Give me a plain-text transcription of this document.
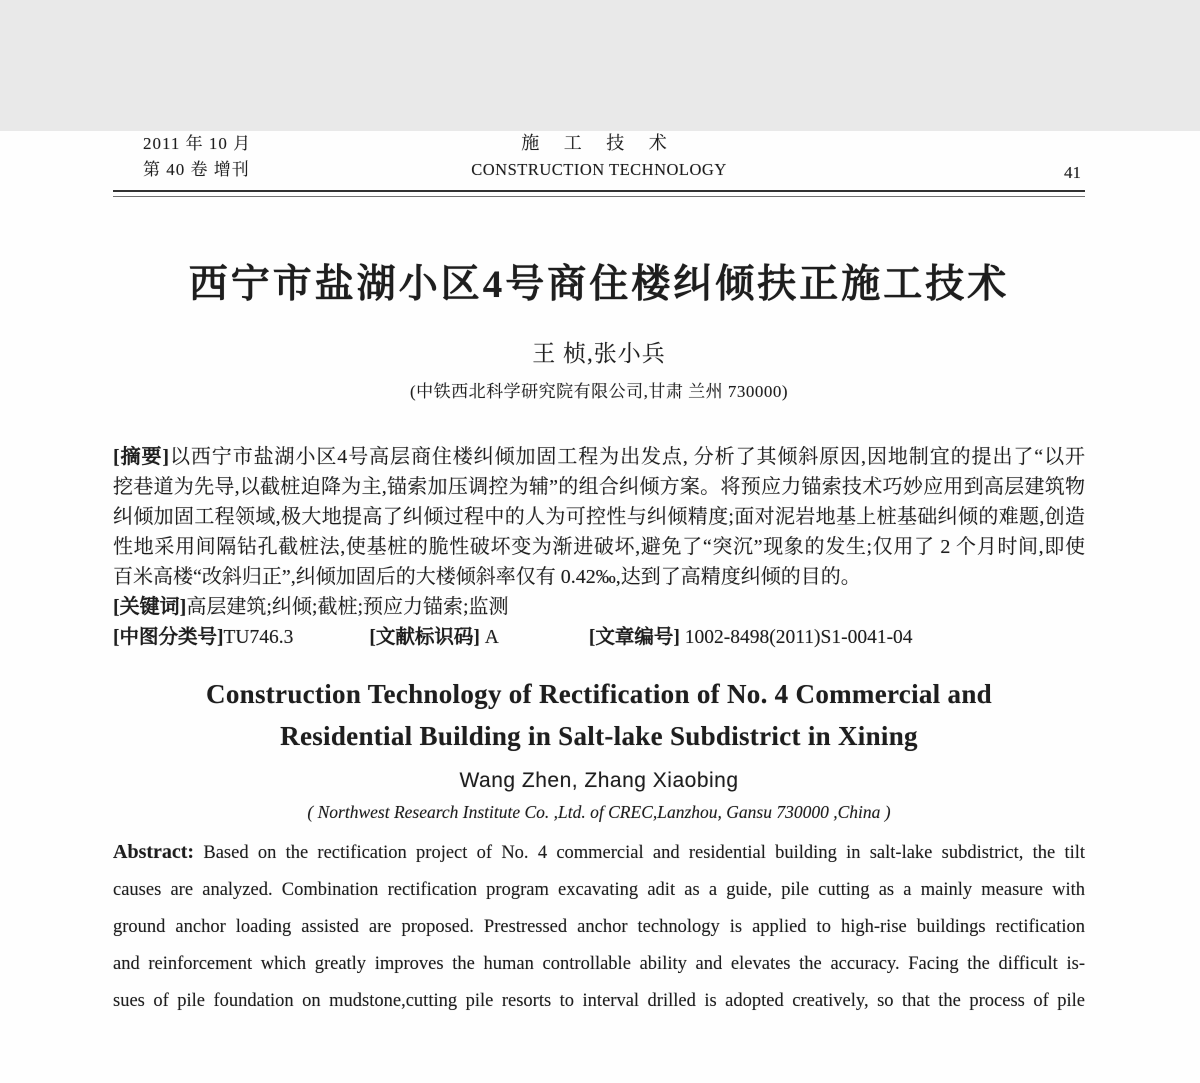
2011 年 10 月
第 40 卷 增刊
施 工 技 术
CONSTRUCTION TECHNOLOGY	41
西宁市盐湖小区4号商住楼纠倾扶正施工技术
王 桢,张小兵
(中铁西北科学研究院有限公司,甘肃 兰州 730000)
[摘要]以西宁市盐湖小区4号高层商住楼纠倾加固工程为出发点, 分析了其倾斜原因,因地制宜的提出了“以开
挖巷道为先导,以截桩迫降为主,锚索加压调控为辅”的组合纠倾方案。将预应力锚索技术巧妙应用到高层建筑物
纠倾加固工程领域,极大地提高了纠倾过程中的人为可控性与纠倾精度;面对泥岩地基上桩基础纠倾的难题,创造
性地采用间隔钻孔截桩法,使基桩的脆性破坏变为渐进破坏,避免了“突沉”现象的发生;仅用了 2 个月时间,即使
百米高楼“改斜归正”,纠倾加固后的大楼倾斜率仅有 0.42‰,达到了高精度纠倾的目的。
[关键词]高层建筑;纠倾;截桩;预应力锚索;监测
[中图分类号]TU746.3	[文献标识码] A	[文章编号] 1002-8498(2011)S1-0041-04
Construction Technology of Rectification of No. 4 Commercial and
Residential Building in Salt-lake Subdistrict in Xining
Wang Zhen, Zhang Xiaobing
( Northwest Research Institute Co. ,Ltd. of CREC,Lanzhou, Gansu 730000 ,China )
Abstract: Based on the rectification project of No. 4 commercial and residential building in salt-lake subdistrict, the tilt
causes are analyzed. Combination rectification program excavating adit as a guide, pile cutting as a mainly measure with
ground anchor loading assisted are proposed. Prestressed anchor technology is applied to high-rise buildings rectification
and reinforcement which greatly improves the human controllable ability and elevates the accuracy. Facing the difficult is-
sues of pile foundation on mudstone,cutting pile resorts to interval drilled is adopted creatively, so that the process of pile
